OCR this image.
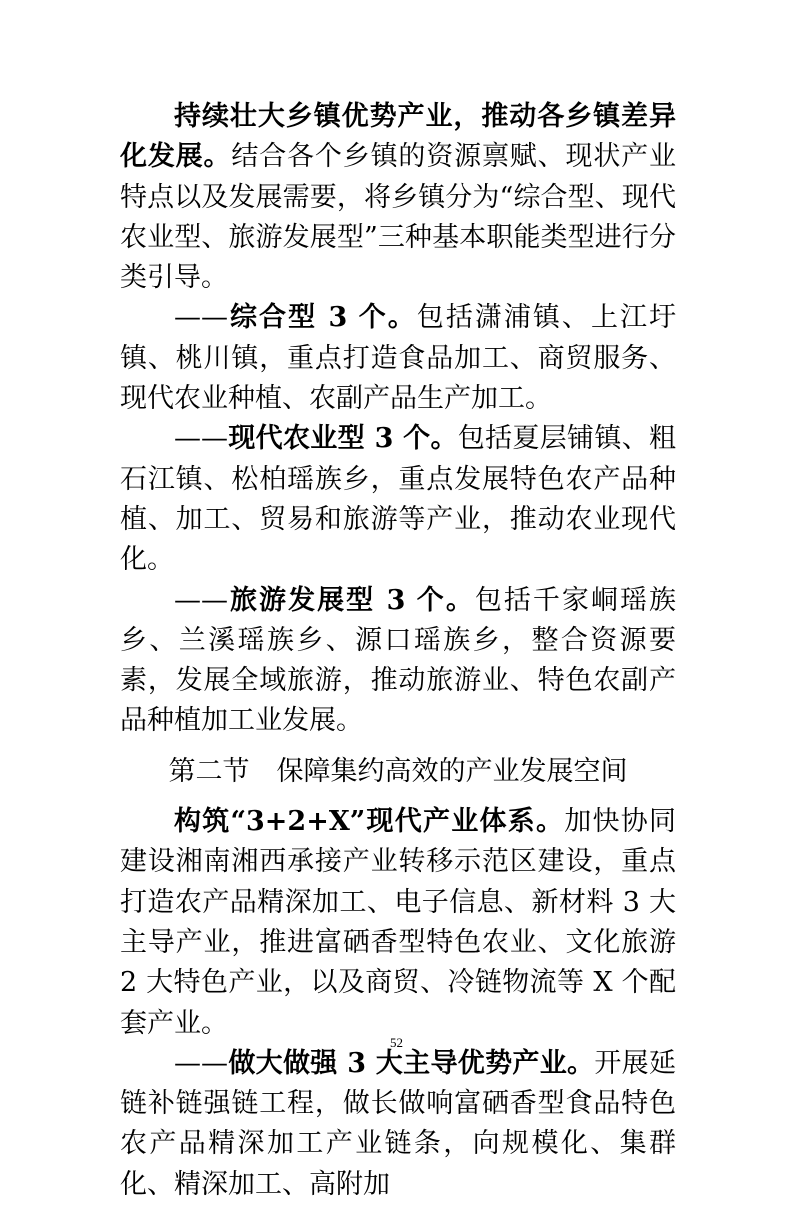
持续壮大乡镇优势产业，推动各乡镇差异化发展。结合各个乡镇的资源禀赋、现状产业特点以及发展需要，将乡镇分为“综合型、现代农业型、旅游发展型”三种基本职能类型进行分类引导。

——综合型 3 个。包括潇浦镇、上江圩镇、桃川镇，重点打造食品加工、商贸服务、现代农业种植、农副产品生产加工。

——现代农业型 3 个。包括夏层铺镇、粗石江镇、松柏瑶族乡，重点发展特色农产品种植、加工、贸易和旅游等产业，推动农业现代化。

——旅游发展型 3 个。包括千家峒瑶族乡、兰溪瑶族乡、源口瑶族乡，整合资源要素，发展全域旅游，推动旅游业、特色农副产品种植加工业发展。

第二节　保障集约高效的产业发展空间

构筑“3+2+X”现代产业体系。加快协同建设湘南湘西承接产业转移示范区建设，重点打造农产品精深加工、电子信息、新材料 3 大主导产业，推进富硒香型特色农业、文化旅游 2 大特色产业，以及商贸、冷链物流等 X 个配套产业。

——做大做强 3 大主导优势产业。开展延链补链强链工程，做长做响富硒香型食品特色农产品精深加工产业链条，向规模化、集群化、精深加工、高附加

52
